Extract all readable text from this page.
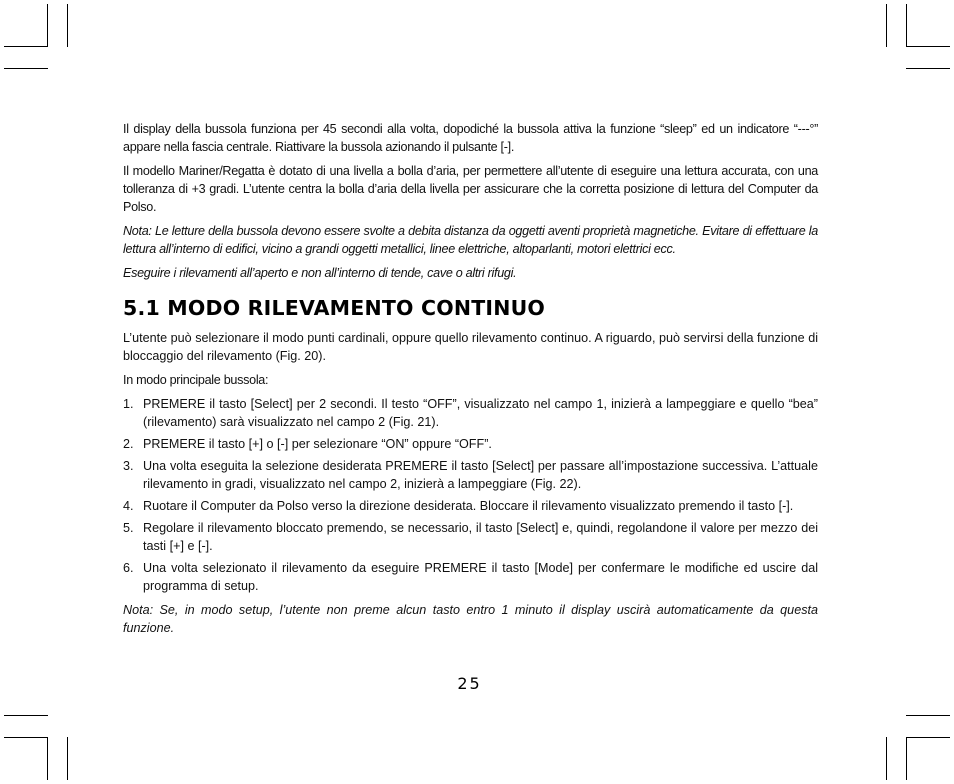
Il display della bussola funziona per 45 secondi alla volta, dopodiché la bussola attiva la funzione “sleep” ed un indicatore “---°” appare nella fascia centrale. Riattivare la bussola azionando il pulsante [-].

Il modello Mariner/Regatta è dotato di una livella a bolla d’aria, per permettere all’utente di eseguire una lettura accurata, con una tolleranza di +3 gradi. L’utente centra la bolla d’aria della livella per assicurare che la corretta posizione di lettura del Computer da Polso.

Nota: Le letture della bussola devono essere svolte a debita distanza da oggetti aventi proprietà magnetiche. Evitare di effettuare la lettura all’interno di edifici, vicino a grandi oggetti metallici, linee elettriche, altoparlanti, motori elettrici ecc.

Eseguire i rilevamenti all’aperto e non all’interno di tende, cave o altri rifugi.

5.1 MODO RILEVAMENTO CONTINUO

L’utente può selezionare il modo punti cardinali, oppure quello rilevamento continuo. A riguardo, può servirsi della funzione di bloccaggio del rilevamento (Fig. 20).

In modo principale bussola:

1. PREMERE il tasto [Select] per 2 secondi. Il testo “OFF”, visualizzato nel campo 1, inizierà a lampeggiare e quello “bea” (rilevamento) sarà visualizzato nel campo 2 (Fig. 21).
2. PREMERE il tasto [+] o [-] per selezionare “ON” oppure “OFF”.
3. Una volta eseguita la selezione desiderata PREMERE il tasto [Select] per passare all’impostazione successiva. L’attuale rilevamento in gradi, visualizzato nel campo 2, inizierà a lampeggiare (Fig. 22).
4. Ruotare il Computer da Polso verso la direzione desiderata. Bloccare il rilevamento visualizzato premendo il tasto [-].
5. Regolare il rilevamento bloccato premendo, se necessario, il tasto [Select] e, quindi, regolandone il valore per mezzo dei tasti [+] e [-].
6. Una volta selezionato il rilevamento da eseguire PREMERE il tasto [Mode] per confermare le modifiche ed uscire dal programma di setup.

Nota: Se, in modo setup, l’utente non preme alcun tasto entro 1 minuto il display uscirà automaticamente da questa funzione.

25
